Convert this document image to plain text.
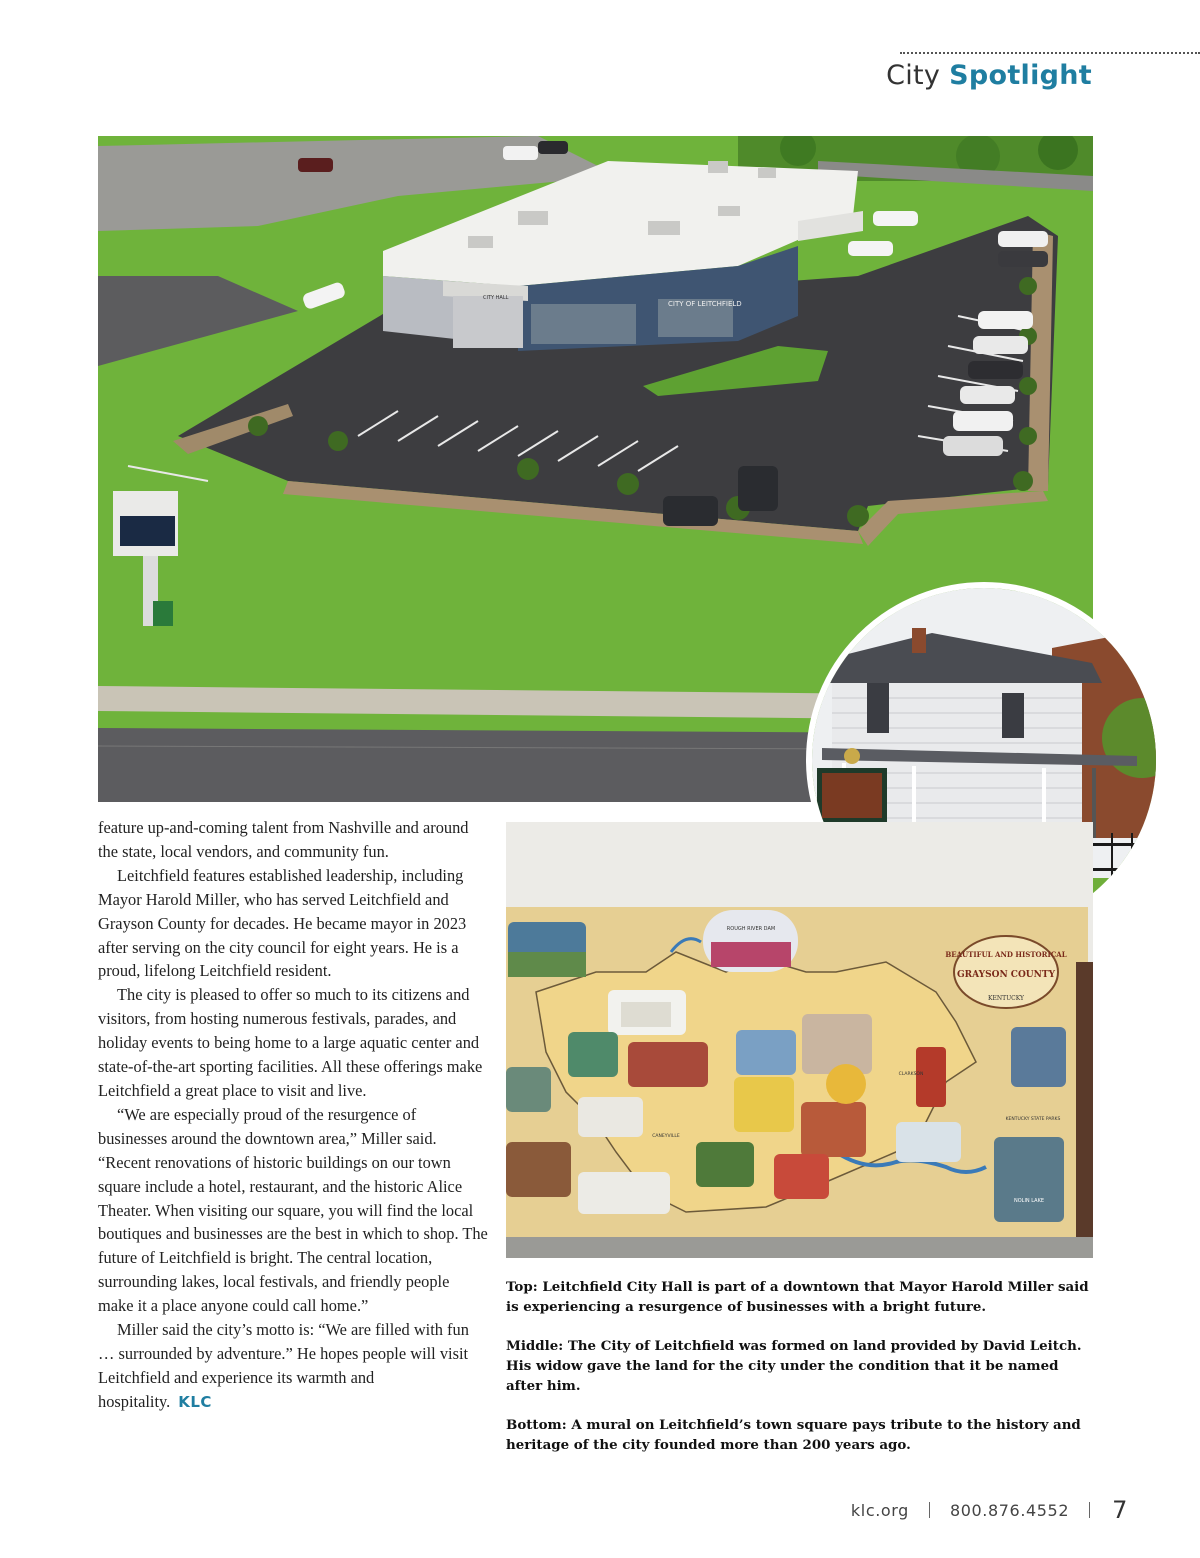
City Spotlight
CITY HALL
CITY OF LEITCHFIELD
BEAUTIFUL AND HISTORICAL
GRAYSON COUNTY
KENTUCKY
ROUGH RIVER DAM
NOLIN LAKE
KENTUCKY STATE PARKS
CLARKSON
CANEYVILLE

feature up-and-coming talent from Nashville and around the state, local vendors, and community fun.

Leitchfield features established leadership, including Mayor Harold Miller, who has served Leitchfield and Grayson County for decades. He became mayor in 2023 after serving on the city council for eight years. He is a proud, lifelong Leitchfield resident.

The city is pleased to offer so much to its citizens and visitors, from hosting numerous festivals, parades, and holiday events to being home to a large aquatic center and state-of-the-art sporting facilities. All these offerings make Leitchfield a great place to visit and live.

“We are especially proud of the resurgence of businesses around the downtown area,” Miller said. “Recent renovations of historic buildings on our town square include a hotel, restaurant, and the historic Alice Theater. When visiting our square, you will find the local boutiques and businesses are the best in which to shop. The future of Leitchfield is bright. The central location, surrounding lakes, local festivals, and friendly people make it a place anyone could call home.”

Miller said the city’s motto is: “We are filled with fun … surrounded by adventure.” He hopes people will visit Leitchfield and experience its warmth and hospitality. KLC

Top: Leitchfield City Hall is part of a downtown that Mayor Harold Miller said is experiencing a resurgence of businesses with a bright future.

Middle: The City of Leitchfield was formed on land provided by David Leitch. His widow gave the land for the city under the condition that it be named after him.

Bottom: A mural on Leitchfield’s town square pays tribute to the history and heritage of the city founded more than 200 years ago.

klc.org	800.876.4552 7
